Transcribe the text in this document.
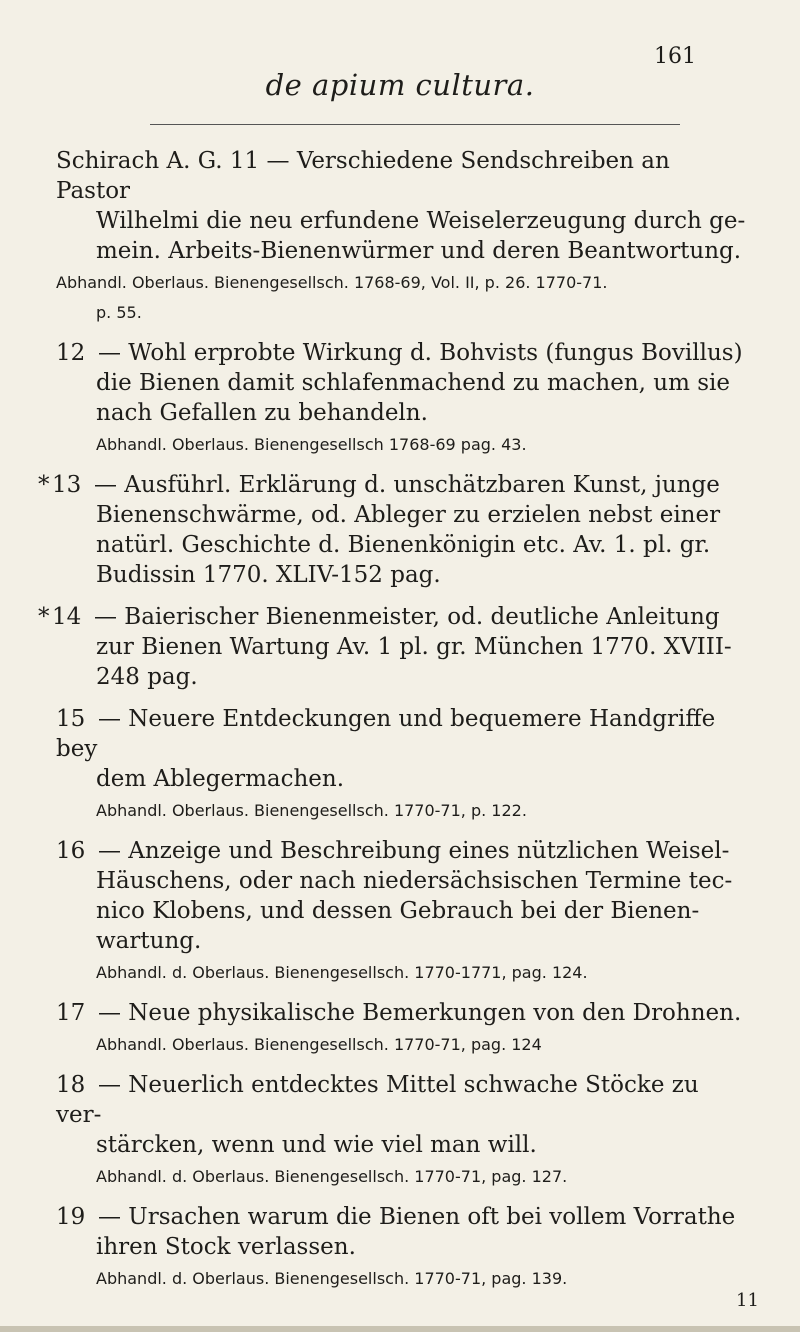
161
de apium cultura.
Schirach A. G. 11 — Verschiedene Sendschreiben an Pastor
Wilhelmi die neu erfundene Weiselerzeugung durch ge-
mein. Arbeits-Bienenwürmer und deren Beantwortung.
Abhandl. Oberlaus. Bienengesellsch. 1768-69, Vol. II, p. 26. 1770-71.
p. 55.
12 — Wohl erprobte Wirkung d. Bohvists (fungus Bovillus)
die Bienen damit schlafenmachend zu machen, um sie
nach Gefallen zu behandeln.
Abhandl. Oberlaus. Bienengesellsch 1768-69 pag. 43.
* 13 — Ausführl. Erklärung d. unschätzbaren Kunst, junge
Bienenschwärme, od. Ableger zu erzielen nebst einer
natürl. Geschichte d. Bienenkönigin etc. Av. 1. pl. gr.
Budissin 1770. XLIV-152 pag.
* 14 — Baierischer Bienenmeister, od. deutliche Anleitung
zur Bienen Wartung Av. 1 pl. gr. München 1770. XVIII-
248 pag.
15 — Neuere Entdeckungen und bequemere Handgriffe bey
dem Ablegermachen.
Abhandl. Oberlaus. Bienengesellsch. 1770-71, p. 122.
16 — Anzeige und Beschreibung eines nützlichen Weisel-
Häuschens, oder nach niedersächsischen Termine tec-
nico Klobens, und dessen Gebrauch bei der Bienen-
wartung.
Abhandl. d. Oberlaus. Bienengesellsch. 1770-1771, pag. 124.
17 — Neue physikalische Bemerkungen von den Drohnen.
Abhandl. Oberlaus. Bienengesellsch. 1770-71, pag. 124
18 — Neuerlich entdecktes Mittel schwache Stöcke zu ver-
stärcken, wenn und wie viel man will.
Abhandl. d. Oberlaus. Bienengesellsch. 1770-71, pag. 127.
19 — Ursachen warum die Bienen oft bei vollem Vorrathe
ihren Stock verlassen.
Abhandl. d. Oberlaus. Bienengesellsch. 1770-71, pag. 139.
11
